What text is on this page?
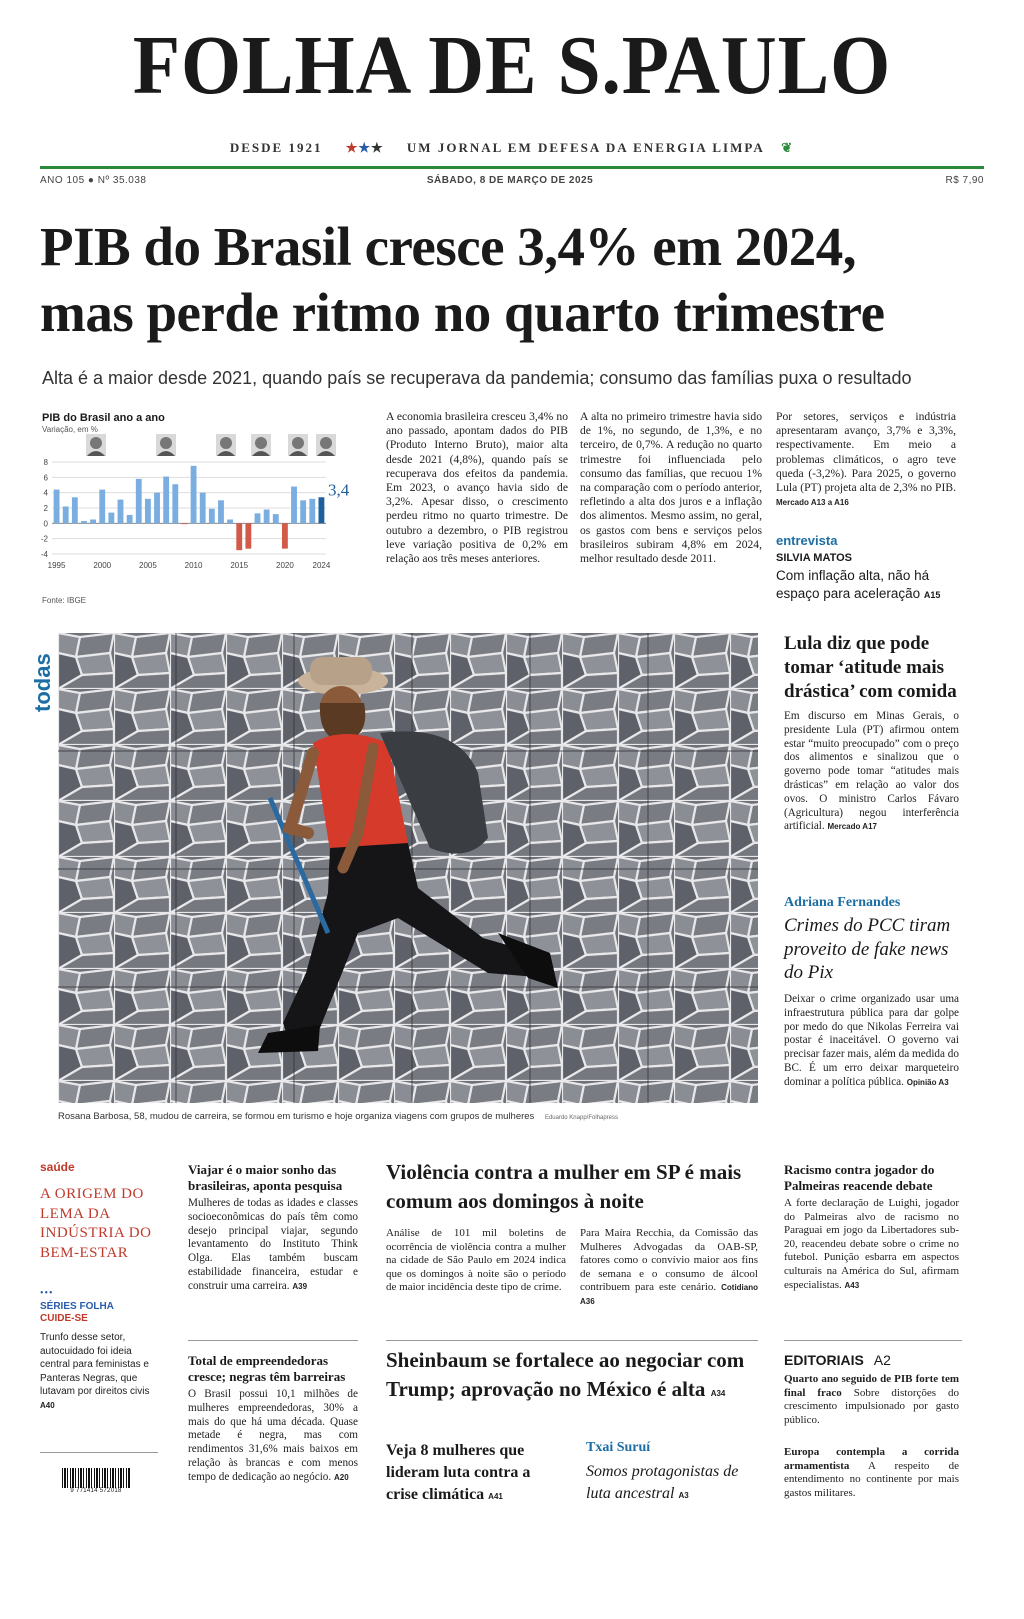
FOLHA DE S.PAULO
DESDE 1921 ★★★ UM JORNAL EM DEFESA DA ENERGIA LIMPA ❦
ANO 105 ● Nº 35.038	SÁBADO, 8 DE MARÇO DE 2025	R$ 7,90
PIB do Brasil cresce 3,4% em 2024,
mas perde ritmo no quarto trimestre
Alta é a maior desde 2021, quando país se recuperava da pandemia; consumo das famílias puxa o resultado
PIB do Brasil ano a ano
Variação, em %
8
6
4
2
0
-2
-4
1995	2000	2005	2010	2015	2020 2024
3,4
Fonte: IBGE
A economia brasileira cresceu 3,4% no ano passado, apontam dados do PIB (Produto Interno Bruto), maior alta desde 2021 (4,8%), quando país se recuperava dos efeitos da pandemia. Em 2023, o avanço havia sido de 3,2%. Apesar disso, o crescimento perdeu ritmo no quarto trimestre. De outubro a dezembro, o PIB registrou leve variação positiva de 0,2% em relação aos três meses anteriores.
A alta no primeiro trimestre havia sido de 1%, no segundo, de 1,3%, e no terceiro, de 0,7%. A redução no quarto trimestre foi influenciada pelo consumo das famílias, que recuou 1% na comparação com o período anterior, refletindo a alta dos juros e a inflação dos alimentos. Mesmo assim, no geral, os gastos com bens e serviços pelos brasileiros subiram 4,8% em 2024, melhor resultado desde 2011.
Por setores, serviços e indústria apresentaram avanço, 3,7% e 3,3%, respectivamente. Em meio a problemas climáticos, o agro teve queda (-3,2%). Para 2025, o governo Lula (PT) projeta alta de 2,3% no PIB. Mercado A13 a A16
entrevista
SILVIA MATOS
Com inflação alta, não há espaço para aceleração A15
todas
Rosana Barbosa, 58, mudou de carreira, se formou em turismo e hoje organiza viagens com grupos de mulheres Eduardo Knapp/Folhapress
Lula diz que pode tomar ‘atitude mais drástica’ com comida
Em discurso em Minas Gerais, o presidente Lula (PT) afirmou ontem estar “muito preocupado” com o preço dos alimentos e sinalizou que o governo pode tomar “atitudes mais drásticas” em relação ao valor dos ovos. O ministro Carlos Fávaro (Agricultura) negou interferência artificial. Mercado A17
Adriana Fernandes
Crimes do PCC tiram proveito de fake news do Pix
Deixar o crime organizado usar uma infraestrutura pública para dar golpe por medo do que Nikolas Ferreira vai postar é inaceitável. O governo vai precisar fazer mais, além da medida do BC. É um erro deixar marqueteiro dominar a política pública. Opinião A3
saúde
A ORIGEM DO LEMA DA INDÚSTRIA DO BEM-ESTAR
•••
SÉRIES FOLHA
CUIDE-SE
Trunfo desse setor, autocuidado foi ideia central para feministas e Panteras Negras, que lutavam por direitos civis A40
9 771414 572018
Viajar é o maior sonho das brasileiras, aponta pesquisa
Mulheres de todas as idades e classes socioeconômicas do país têm como desejo principal viajar, segundo levantamento do Instituto Think Olga. Elas também buscam estabilidade financeira, estudar e construir uma carreira. A39
Total de empreendedoras cresce; negras têm barreiras
O Brasil possui 10,1 milhões de mulheres empreendedoras, 30% a mais do que há uma década. Quase metade é negra, mas com rendimentos 31,6% mais baixos em relação às brancas e com menos tempo de dedicação ao negócio. A20
Violência contra a mulher em SP é mais comum aos domingos à noite
Análise de 101 mil boletins de ocorrência de violência contra a mulher na cidade de São Paulo em 2024 indica que os domingos à noite são o período de maior incidência deste tipo de crime.
Para Maíra Recchia, da Comissão das Mulheres Advogadas da OAB-SP, fatores como o convívio maior aos fins de semana e o consumo de álcool contribuem para este cenário. Cotidiano A36
Sheinbaum se fortalece ao negociar com Trump; aprovação no México é alta A34
Veja 8 mulheres que lideram luta contra a crise climática A41
Txai Suruí
Somos protagonistas de luta ancestral A3
Racismo contra jogador do Palmeiras reacende debate
A forte declaração de Luighi, jogador do Palmeiras alvo de racismo no Paraguai em jogo da Libertadores sub-20, reacendeu debate sobre o crime no futebol. Punição esbarra em aspectos culturais na América do Sul, afirmam especialistas. A43
EDITORIAIS A2
Quarto ano seguido de PIB forte tem final fraco Sobre distorções do crescimento impulsionado por gasto público.
Europa contempla a corrida armamentista A respeito de entendimento no continente por mais gastos militares.
